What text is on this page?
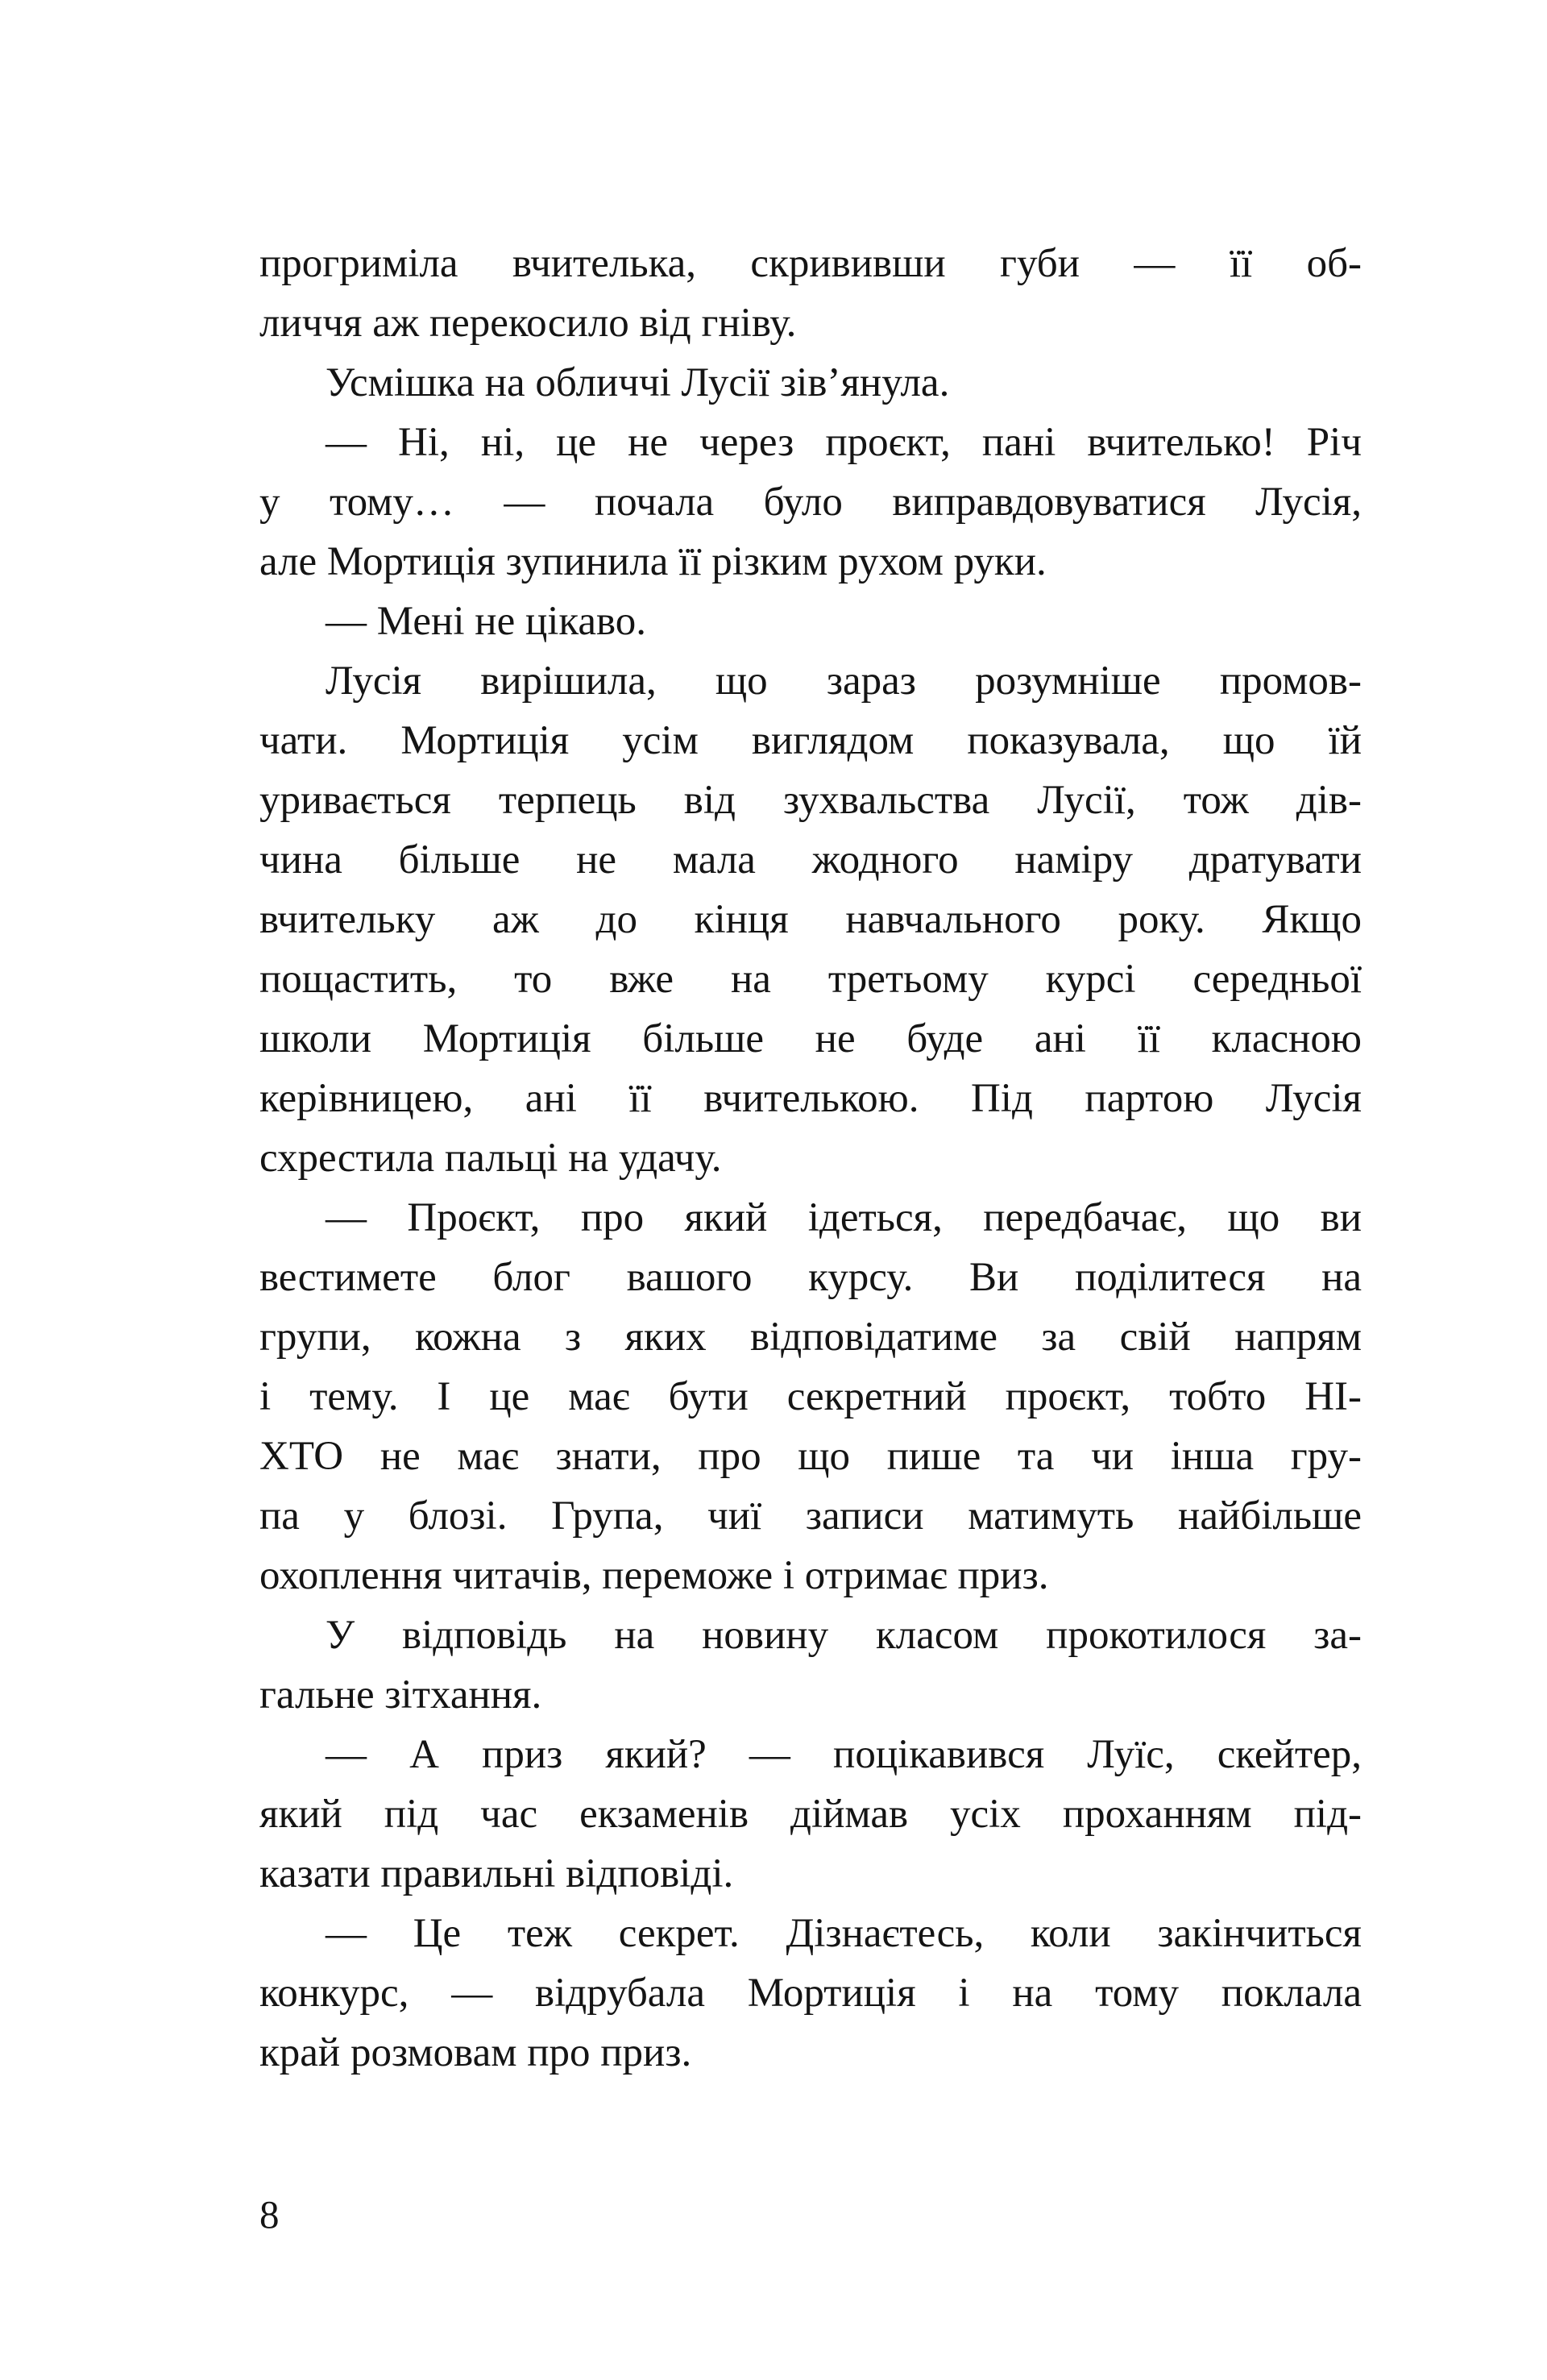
прогриміла вчителька, скрививши губи — її об-
личчя аж перекосило від гніву.
Усмішка на обличчі Лусії зів’янула.
— Ні, ні, це не через проєкт, пані вчителько! Річ
у тому… — почала було виправдовуватися Лусія,
але Мортиція зупинила її різким рухом руки.
— Мені не цікаво.
Лусія вирішила, що зараз розумніше промов-
чати. Мортиція усім виглядом показувала, що їй
уривається терпець від зухвальства Лусії, тож дів-
чина більше не мала жодного наміру дратувати
вчительку аж до кінця навчального року. Якщо
пощастить, то вже на третьому курсі середньої
школи Мортиція більше не буде ані її класною
керівницею, ані її вчителькою. Під партою Лусія
схрестила пальці на удачу.
— Проєкт, про який ідеться, передбачає, що ви
вестимете блог вашого курсу. Ви поділитеся на
групи, кожна з яких відповідатиме за свій напрям
і тему. І це має бути секретний проєкт, тобто НІ-
ХТО не має знати, про що пише та чи інша гру-
па у блозі. Група, чиї записи матимуть найбільше
охоплення читачів, переможе і отримає приз.
У відповідь на новину класом прокотилося за-
гальне зітхання.
— А приз який? — поцікавився Луїс, скейтер,
який під час екзаменів діймав усіх проханням під-
казати правильні відповіді.
— Це теж секрет. Дізнаєтесь, коли закінчиться
конкурс, — відрубала Мортиція і на тому поклала
край розмовам про приз.
8
